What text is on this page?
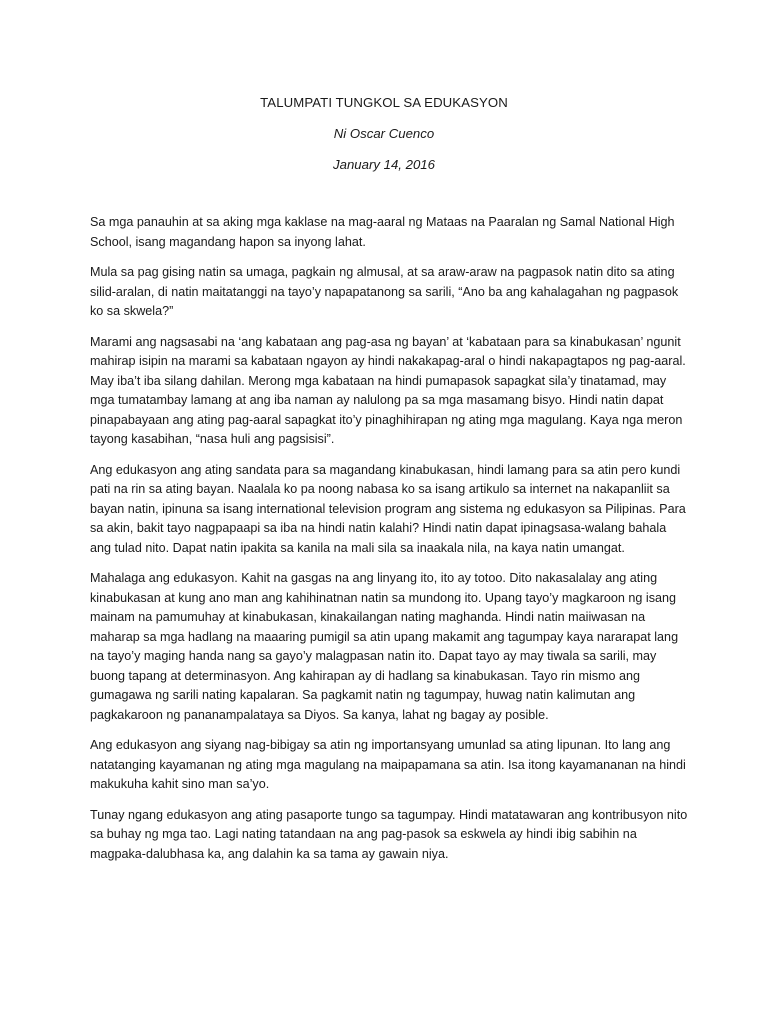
TALUMPATI TUNGKOL SA EDUKASYON
Ni Oscar Cuenco
January 14, 2016

Sa mga panauhin at sa aking mga kaklase na mag-aaral ng Mataas na Paaralan ng Samal National High School, isang magandang hapon sa inyong lahat.

Mula sa pag gising natin sa umaga, pagkain ng almusal, at sa araw-araw na pagpasok natin dito sa ating silid-aralan, di natin maitatanggi na tayo’y napapatanong sa sarili, “Ano ba ang kahalagahan ng pagpasok ko sa skwela?”

Marami ang nagsasabi na ‘ang kabataan ang pag-asa ng bayan’ at ‘kabataan para sa kinabukasan’ ngunit mahirap isipin na marami sa kabataan ngayon ay hindi nakakapag-aral o hindi nakapagtapos ng pag-aaral. May iba’t iba silang dahilan. Merong mga kabataan na hindi pumapasok sapagkat sila’y tinatamad, may mga tumatambay lamang at ang iba naman ay nalulong pa sa mga masamang bisyo. Hindi natin dapat pinapabayaan ang ating pag-aaral sapagkat ito’y pinaghihirapan ng ating mga magulang. Kaya nga meron tayong kasabihan, “nasa huli ang pagsisisi”.

Ang edukasyon ang ating sandata para sa magandang kinabukasan, hindi lamang para sa atin pero kundi pati na rin sa ating bayan. Naalala ko pa noong nabasa ko sa isang artikulo sa internet na nakapanliit sa bayan natin, ipinuna sa isang international television program ang sistema ng edukasyon sa Pilipinas. Para sa akin, bakit tayo nagpapaapi sa iba na hindi natin kalahi? Hindi natin dapat ipinagsasa-walang bahala ang tulad nito. Dapat natin ipakita sa kanila na mali sila sa inaakala nila, na kaya natin umangat.

Mahalaga ang edukasyon. Kahit na gasgas na ang linyang ito, ito ay totoo. Dito nakasalalay ang ating kinabukasan at kung ano man ang kahihinatnan natin sa mundong ito. Upang tayo’y magkaroon ng isang mainam na pamumuhay at kinabukasan, kinakailangan nating maghanda. Hindi natin maiiwasan na maharap sa mga hadlang na maaaring pumigil sa atin upang makamit ang tagumpay kaya nararapat lang na tayo’y maging handa nang sa gayo’y malagpasan natin ito. Dapat tayo ay may tiwala sa sarili, may buong tapang at determinasyon. Ang kahirapan ay di hadlang sa kinabukasan. Tayo rin mismo ang gumagawa ng sarili nating kapalaran. Sa pagkamit natin ng tagumpay, huwag natin kalimutan ang pagkakaroon ng pananampalataya sa Diyos. Sa kanya, lahat ng bagay ay posible.

Ang edukasyon ang siyang nag-bibigay sa atin ng importansyang umunlad sa ating lipunan. Ito lang ang natatanging kayamanan ng ating mga magulang na maipapamana sa atin. Isa itong kayamananan na hindi makukuha kahit sino man sa’yo.

Tunay ngang edukasyon ang ating pasaporte tungo sa tagumpay. Hindi matatawaran ang kontribusyon nito sa buhay ng mga tao. Lagi nating tatandaan na ang pag-pasok sa eskwela ay hindi ibig sabihin na magpaka-dalubhasa ka, ang dalahin ka sa tama ay gawain niya.
